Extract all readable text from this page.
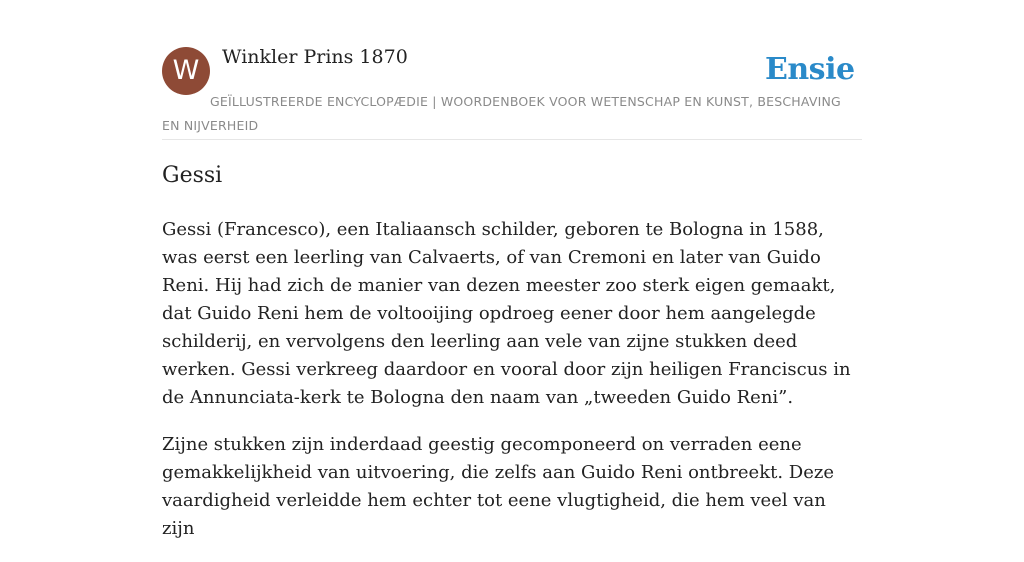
W	Winkler Prins 1870	Ensie
GEÏLLUSTREERDE ENCYCLOPÆDIE | WOORDENBOEK VOOR WETENSCHAP EN KUNST, BESCHAVING EN NIJVERHEID
Gessi

Gessi (Francesco), een Italiaansch schilder, geboren te Bologna in 1588, was eerst een leerling van Calvaerts, of van Cremoni en later van Guido Reni. Hij had zich de manier van dezen meester zoo sterk eigen gemaakt, dat Guido Reni hem de voltooijing opdroeg eener door hem aangelegde schilderij, en vervolgens den leerling aan vele van zijne stukken deed werken. Gessi verkreeg daardoor en vooral door zijn heiligen Franciscus in de Annunciata-kerk te Bologna den naam van „tweeden Guido Reni”.

Zijne stukken zijn inderdaad geestig gecomponeerd on verraden eene gemakkelijkheid van uitvoering, die zelfs aan Guido Reni ontbreekt. Deze vaardigheid verleidde hem echter tot eene vlugtigheid, die hem veel van zijn
